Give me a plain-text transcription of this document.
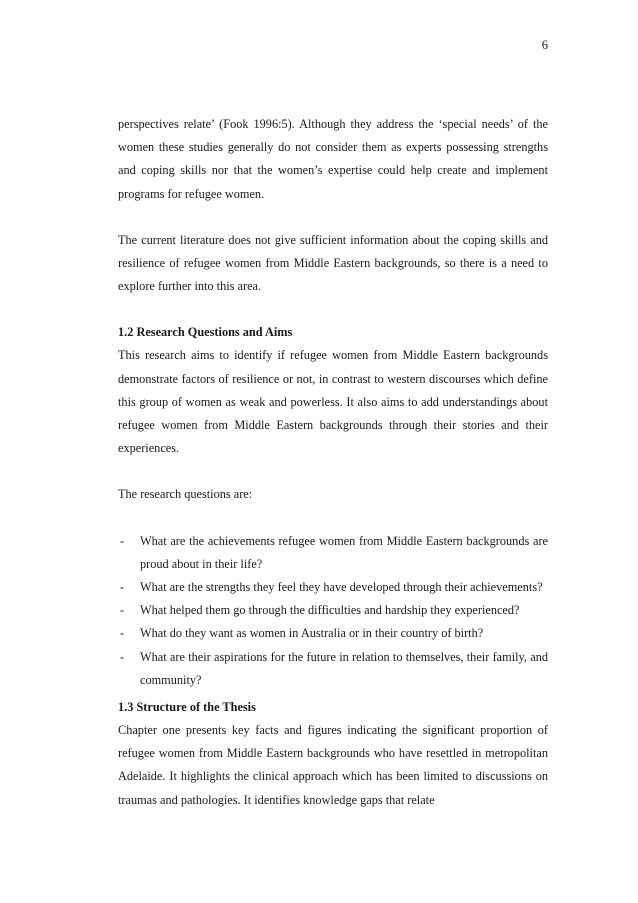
6

perspectives relate’ (Fook 1996:5). Although they address the ‘special needs’ of the women these studies generally do not consider them as experts possessing strengths and coping skills nor that the women’s expertise could help create and implement programs for refugee women.

The current literature does not give sufficient information about the coping skills and resilience of refugee women from Middle Eastern backgrounds, so there is a need to explore further into this area.

1.2 Research Questions and Aims

This research aims to identify if refugee women from Middle Eastern backgrounds demonstrate factors of resilience or not, in contrast to western discourses which define this group of women as weak and powerless. It also aims to add understandings about refugee women from Middle Eastern backgrounds through their stories and their experiences.

The research questions are:

- What are the achievements refugee women from Middle Eastern backgrounds are proud about in their life?
- What are the strengths they feel they have developed through their achievements?
- What helped them go through the difficulties and hardship they experienced?
- What do they want as women in Australia or in their country of birth?
- What are their aspirations for the future in relation to themselves, their family, and community?
1.3 Structure of the Thesis

Chapter one presents key facts and figures indicating the significant proportion of refugee women from Middle Eastern backgrounds who have resettled in metropolitan Adelaide. It highlights the clinical approach which has been limited to discussions on traumas and pathologies. It identifies knowledge gaps that relate
